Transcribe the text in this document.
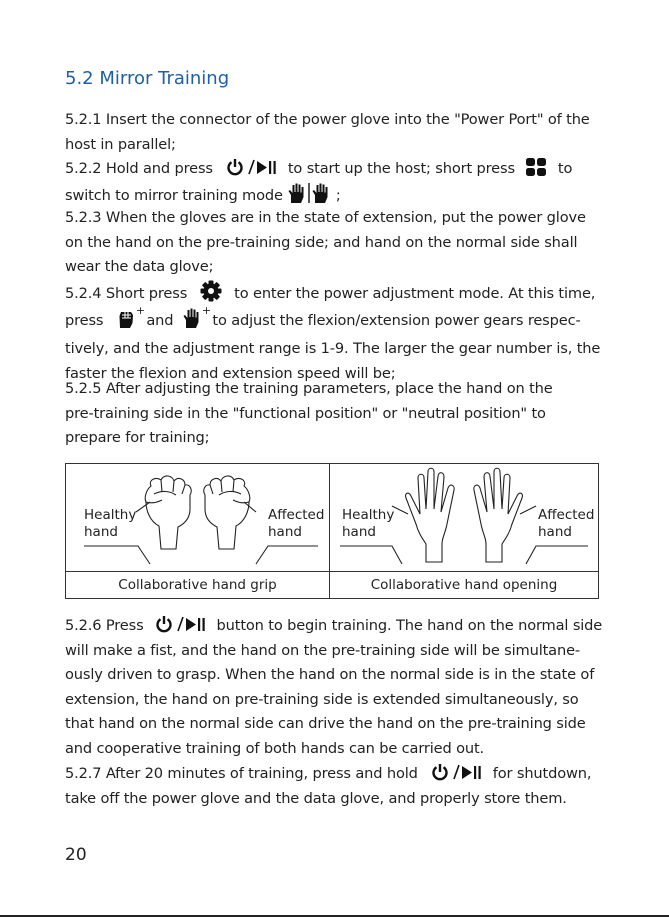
5.2 Mirror Training
5.2.1 Insert the connector of the power glove into the "Power Port" of the
host in parallel;
5.2.2 Hold and press	to start up the host; short press	to
switch to mirror training mode	;
5.2.3 When the gloves are in the state of extension, put the power glove
on the hand on the pre-training side; and hand on the normal side shall
wear the data glove;
5.2.4 Short press	to enter the power adjustment mode. At this time,
press
+
and
+
to adjust the flexion/extension power gears respec-
tively, and the adjustment range is 1-9. The larger the gear number is, the
faster the flexion and extension speed will be;
5.2.5 After adjusting the training parameters, place the hand on the
pre-training side in the "functional position" or "neutral position" to
prepare for training;
Healthy
hand
Affected
hand
Healthy
hand
Affected
hand
Collaborative hand grip	Collaborative hand opening
5.2.6 Press	button to begin training. The hand on the normal side
will make a fist, and the hand on the pre-training side will be simultane-
ously driven to grasp. When the hand on the normal side is in the state of
extension, the hand on pre-training side is extended simultaneously, so
that hand on the normal side can drive the hand on the pre-training side
and cooperative training of both hands can be carried out.
5.2.7 After 20 minutes of training, press and hold	for shutdown,
take off the power glove and the data glove, and properly store them.
20
